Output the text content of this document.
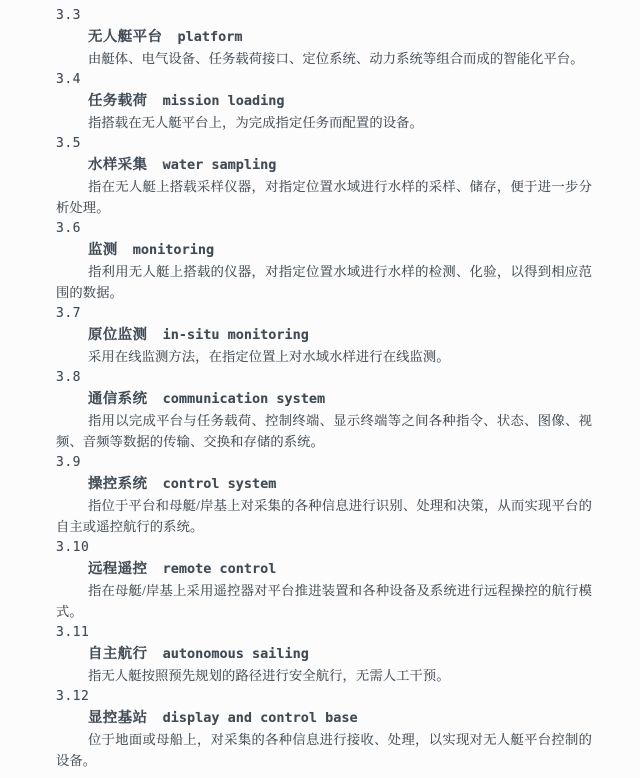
3.3
无人艇平台 platform

由艇体、电气设备、任务载荷接口、定位系统、动力系统等组合而成的智能化平台。

3.4
任务载荷 mission loading

指搭载在无人艇平台上，为完成指定任务而配置的设备。

3.5
水样采集 water sampling

指在无人艇上搭载采样仪器，对指定位置水域进行水样的采样、储存，便于进一步分析处理。

3.6
监测 monitoring

指利用无人艇上搭载的仪器，对指定位置水域进行水样的检测、化验，以得到相应范围的数据。

3.7
原位监测 in-situ monitoring

采用在线监测方法，在指定位置上对水域水样进行在线监测。

3.8
通信系统 communication system

指用以完成平台与任务载荷、控制终端、显示终端等之间各种指令、状态、图像、视频、音频等数据的传输、交换和存储的系统。

3.9
操控系统 control system

指位于平台和母艇/岸基上对采集的各种信息进行识别、处理和决策，从而实现平台的自主或遥控航行的系统。

3.10
远程遥控 remote control

指在母艇/岸基上采用遥控器对平台推进装置和各种设备及系统进行远程操控的航行模式。

3.11
自主航行 autonomous sailing

指无人艇按照预先规划的路径进行安全航行，无需人工干预。

3.12
显控基站 display and control base

位于地面或母船上，对采集的各种信息进行接收、处理，以实现对无人艇平台控制的设备。
